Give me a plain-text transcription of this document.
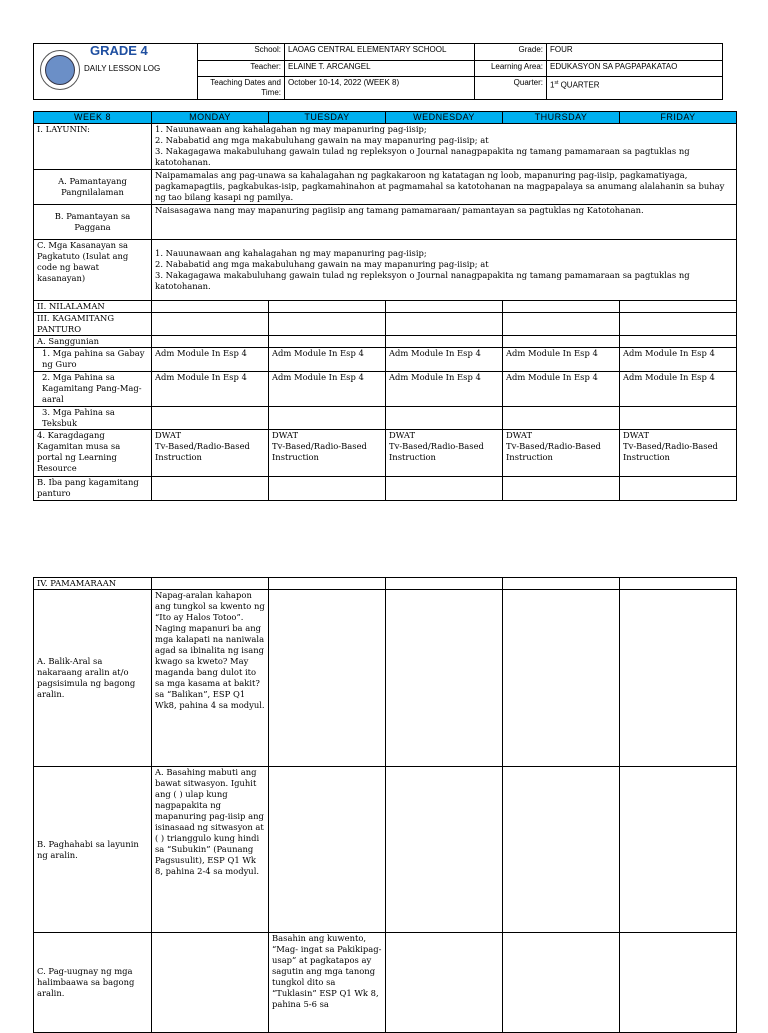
GRADE 4
DAILY LESSON LOG	School:	LAOAG CENTRAL ELEMENTARY SCHOOL	Grade:	FOUR
	Teacher:	ELAINE T. ARCANGEL	Learning Area:	EDUKASYON SA PAGPAPAKATAO
	Teaching Dates and Time:	October 10-14, 2022 (WEEK 8)	Quarter:	1st QUARTER
WEEK 8	MONDAY	TUESDAY	WEDNESDAY	THURSDAY	FRIDAY
I. LAYUNIN:	1. Nauunawaan ang kahalagahan ng may mapanuring pag-iisip;
2. Nababatid ang mga makabuluhang gawain na may mapanuring pag-iisip; at
3. Nakagagawa makabuluhang gawain tulad ng repleksyon o Journal nanagpapakita ng tamang pamamaraan sa pagtuklas ng katotohanan.				
A. Pamantayang Pangnilalaman	Naipamamalas ang pag-unawa sa kahalagahan ng pagkakaroon ng katatagan ng loob, mapanuring pag-iisip, pagkamatiyaga, pagkamapagtiis, pagkabukas-isip, pagkamahinahon at pagmamahal sa katotohanan na magpapalaya sa anumang alalahanin sa buhay ng tao bilang kasapi ng pamilya.				
B. Pamantayan sa Paggana	Naisasagawa nang may mapanuring pagiisip ang tamang pamamaraan/ pamantayan sa pagtuklas ng Katotohanan.				
C. Mga Kasanayan sa Pagkatuto (Isulat ang code ng bawat kasanayan)	1. Nauunawaan ang kahalagahan ng may mapanuring pag-iisip;
2. Nababatid ang mga makabuluhang gawain na may mapanuring pag-iisip; at
3. Nakagagawa makabuluhang gawain tulad ng repleksyon o Journal nanagpapakita ng tamang pamamaraan sa pagtuklas ng katotohanan.				
II. NILALAMAN					
III. KAGAMITANG PANTURO					
A. Sanggunian					
1. Mga pahina sa Gabay ng Guro	Adm Module In Esp 4	Adm Module In Esp 4	Adm Module In Esp 4	Adm Module In Esp 4	Adm Module In Esp 4
2. Mga Pahina sa Kagamitang Pang-Mag-aaral	Adm Module In Esp 4	Adm Module In Esp 4	Adm Module In Esp 4	Adm Module In Esp 4	Adm Module In Esp 4
3. Mga Pahina sa Teksbuk					
4. Karagdagang Kagamitan musa sa portal ng Learning Resource	DWAT
Tv-Based/Radio-Based Instruction	DWAT
Tv-Based/Radio-Based Instruction	DWAT
Tv-Based/Radio-Based Instruction	DWAT
Tv-Based/Radio-Based Instruction	DWAT
Tv-Based/Radio-Based Instruction
B. Iba pang kagamitang panturo					
IV. PAMAMARAAN					
A. Balik-Aral sa nakaraang aralin at/o pagsisimula ng bagong aralin.	Napag-aralan kahapon ang tungkol sa kwento ng “Ito ay Halos Totoo”. Naging mapanuri ba ang mga kalapati na naniwala agad sa ibinalita ng isang kwago sa kweto? May maganda bang dulot ito sa mga kasama at bakit? sa “Balikan”, ESP Q1 Wk8, pahina 4 sa modyul.				
B. Paghahabi sa layunin ng aralin.	A. Basahing mabuti ang bawat sitwasyon. Iguhit ang ( ) ulap kung nagpapakita ng mapanuring pag-iisip ang isinasaad ng sitwasyon at ( ) trianggulo kung hindi sa “Subukin” (Paunang Pagsusulit), ESP Q1 Wk 8, pahina 2-4 sa modyul.				
C. Pag-uugnay ng mga halimbaawa sa bagong aralin.		Basahin ang kuwento, “Mag- ingat sa Pakikipag-usap” at pagkatapos ay sagutin ang mga tanong tungkol dito sa “Tuklasin” ESP Q1 Wk 8, pahina 5-6 sa			
